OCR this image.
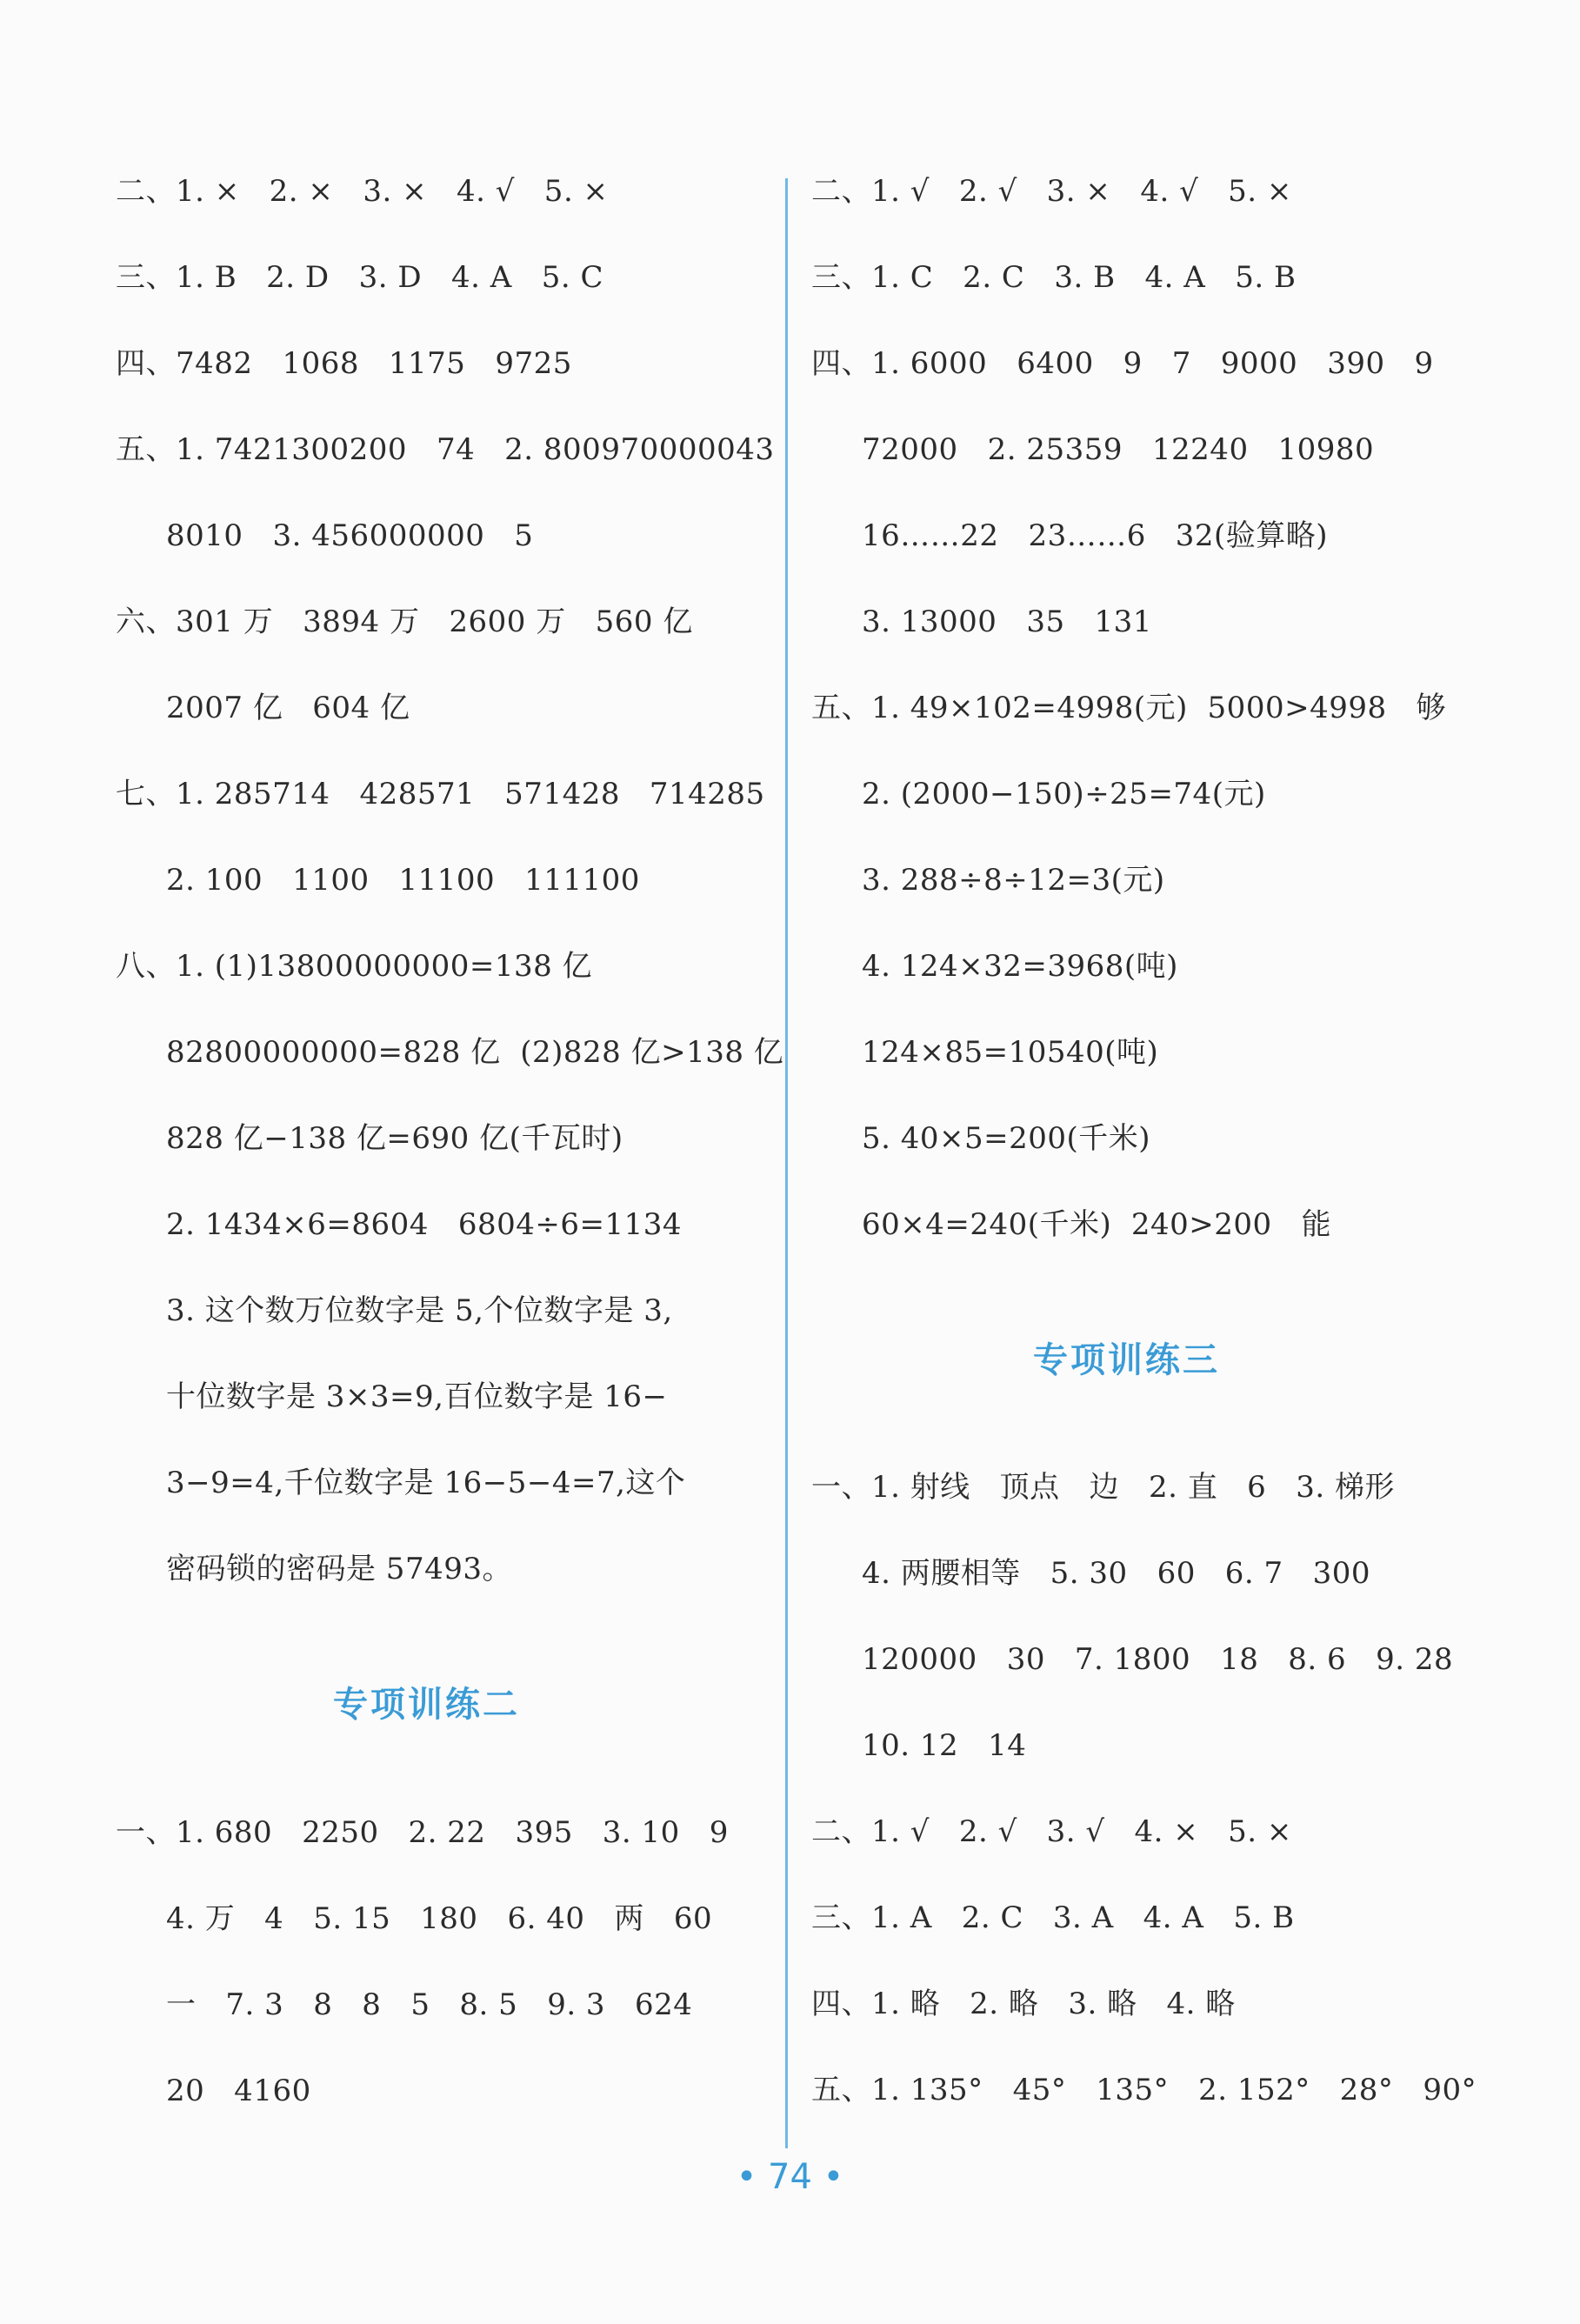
二、1. ×   2. ×   3. ×   4. √   5. ×
三、1. B   2. D   3. D   4. A   5. C
四、7482   1068   1175   9725
五、1. 7421300200   74   2. 800970000043
8010   3. 456000000   5
六、301 万   3894 万   2600 万   560 亿
2007 亿   604 亿
七、1. 285714   428571   571428   714285
2. 100   1100   11100   111100
八、1. (1)13800000000=138 亿
82800000000=828 亿  (2)828 亿>138 亿
828 亿−138 亿=690 亿(千瓦时)
2. 1434×6=8604   6804÷6=1134
3. 这个数万位数字是 5,个位数字是 3,
十位数字是 3×3=9,百位数字是 16−
3−9=4,千位数字是 16−5−4=7,这个
密码锁的密码是 57493。
专项训练二
一、1. 680   2250   2. 22   395   3. 10   9
4. 万   4   5. 15   180   6. 40   两   60
一   7. 3   8   8   5   8. 5   9. 3   624
20   4160
二、1. √   2. √   3. ×   4. √   5. ×
三、1. C   2. C   3. B   4. A   5. B
四、1. 6000   6400   9   7   9000   390   9
72000   2. 25359   12240   10980
16……22   23……6   32(验算略)
3. 13000   35   131
五、1. 49×102=4998(元)  5000>4998   够
2. (2000−150)÷25=74(元)
3. 288÷8÷12=3(元)
4. 124×32=3968(吨)
124×85=10540(吨)
5. 40×5=200(千米)
60×4=240(千米)  240>200   能
专项训练三
一、1. 射线   顶点   边   2. 直   6   3. 梯形
4. 两腰相等   5. 30   60   6. 7   300
120000   30   7. 1800   18   8. 6   9. 28
10. 12   14
二、1. √   2. √   3. √   4. ×   5. ×
三、1. A   2. C   3. A   4. A   5. B
四、1. 略   2. 略   3. 略   4. 略
五、1. 135°   45°   135°   2. 152°   28°   90°
• 74 •
